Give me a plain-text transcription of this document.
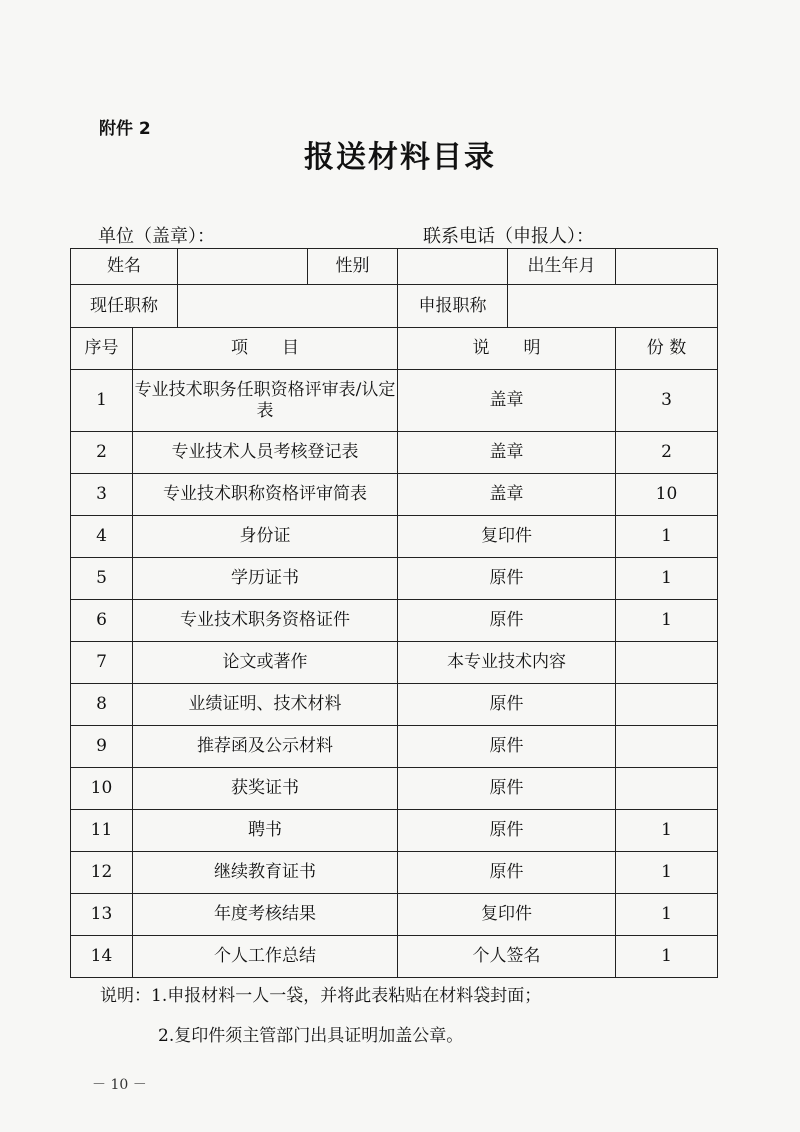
附件 2
报送材料目录
单位（盖章）：	联系电话（申报人）：
姓名			性别		出生年月	
现任职称				申报职称		
序号	项　　目			说　　明		份 数
1	专业技术职务任职资格评审表/认定表			盖章		3
2	专业技术人员考核登记表			盖章		2
3	专业技术职称资格评审简表			盖章		10
4	身份证			复印件		1
5	学历证书			原件		1
6	专业技术职务资格证件			原件		1
7	论文或著作			本专业技术内容		
8	业绩证明、技术材料			原件		
9	推荐函及公示材料			原件		
10	获奖证书			原件		
11	聘书			原件		1
12	继续教育证书			原件		1
13	年度考核结果			复印件		1
14	个人工作总结			个人签名		1
说明：1.申报材料一人一袋，并将此表粘贴在材料袋封面；
2.复印件须主管部门出具证明加盖公章。
－ 10 －
